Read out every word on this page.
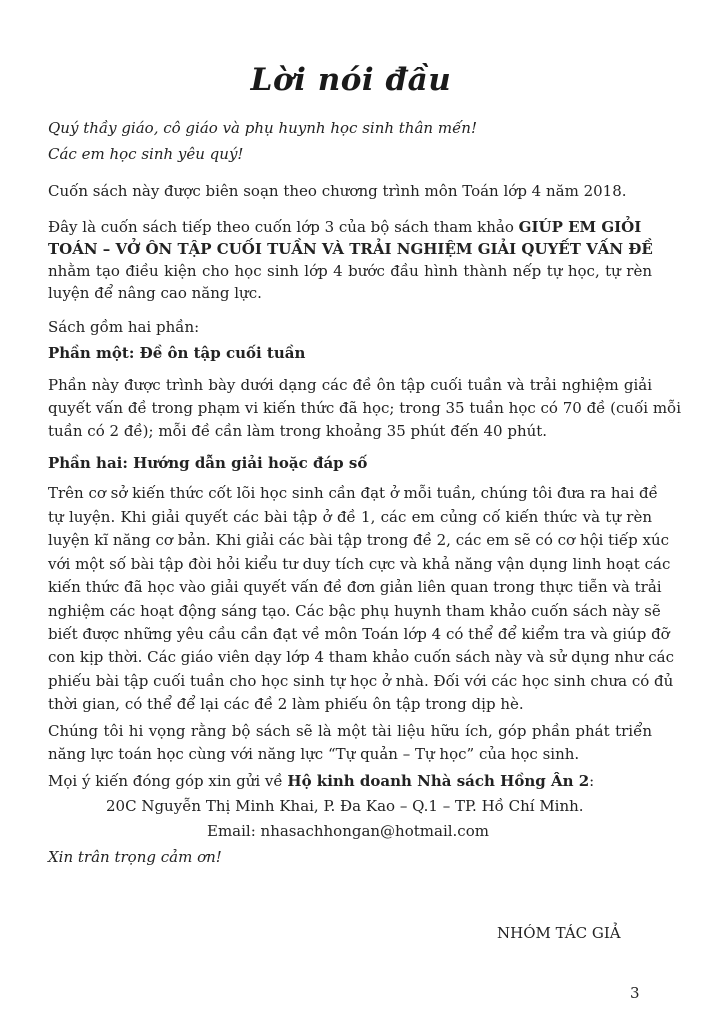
Lời nói đầu
Quý thầy giáo, cô giáo và phụ huynh học sinh thân mến!
Các em học sinh yêu quý!
Cuốn sách này được biên soạn theo chương trình môn Toán lớp 4 năm 2018.
Đây là cuốn sách tiếp theo cuốn lớp 3 của bộ sách tham khảo GIÚP EM GIỎI
TOÁN – VỞ ÔN TẬP CUỐI TUẦN VÀ TRẢI NGHIỆM GIẢI QUYẾT VẤN ĐỀ
nhằm tạo điều kiện cho học sinh lớp 4 bước đầu hình thành nếp tự học, tự rèn
luyện để nâng cao năng lực.
Sách gồm hai phần:
Phần một: Đề ôn tập cuối tuần
Phần này được trình bày dưới dạng các đề ôn tập cuối tuần và trải nghiệm giải
quyết vấn đề trong phạm vi kiến thức đã học; trong 35 tuần học có 70 đề (cuối mỗi
tuần có 2 đề); mỗi đề cần làm trong khoảng 35 phút đến 40 phút.
Phần hai: Hướng dẫn giải hoặc đáp số
Trên cơ sở kiến thức cốt lõi học sinh cần đạt ở mỗi tuần, chúng tôi đưa ra hai đề
tự luyện. Khi giải quyết các bài tập ở đề 1, các em củng cố kiến thức và tự rèn
luyện kĩ năng cơ bản. Khi giải các bài tập trong đề 2, các em sẽ có cơ hội tiếp xúc
với một số bài tập đòi hỏi kiểu tư duy tích cực và khả năng vận dụng linh hoạt các
kiến thức đã học vào giải quyết vấn đề đơn giản liên quan trong thực tiễn và trải
nghiệm các hoạt động sáng tạo. Các bậc phụ huynh tham khảo cuốn sách này sẽ
biết được những yêu cầu cần đạt về môn Toán lớp 4 có thể để kiểm tra và giúp đỡ
con kịp thời. Các giáo viên dạy lớp 4 tham khảo cuốn sách này và sử dụng như các
phiếu bài tập cuối tuần cho học sinh tự học ở nhà. Đối với các học sinh chưa có đủ
thời gian, có thể để lại các đề 2 làm phiếu ôn tập trong dịp hè.
Chúng tôi hi vọng rằng bộ sách sẽ là một tài liệu hữu ích, góp phần phát triển
năng lực toán học cùng với năng lực “Tự quản – Tự học” của học sinh.
Mọi ý kiến đóng góp xin gửi về Hộ kinh doanh Nhà sách Hồng Ân 2:
20C Nguyễn Thị Minh Khai, P. Đa Kao – Q.1 – TP. Hồ Chí Minh.
Email: nhasachhongan@hotmail.com
Xin trân trọng cảm ơn!
NHÓM TÁC GIẢ
3
